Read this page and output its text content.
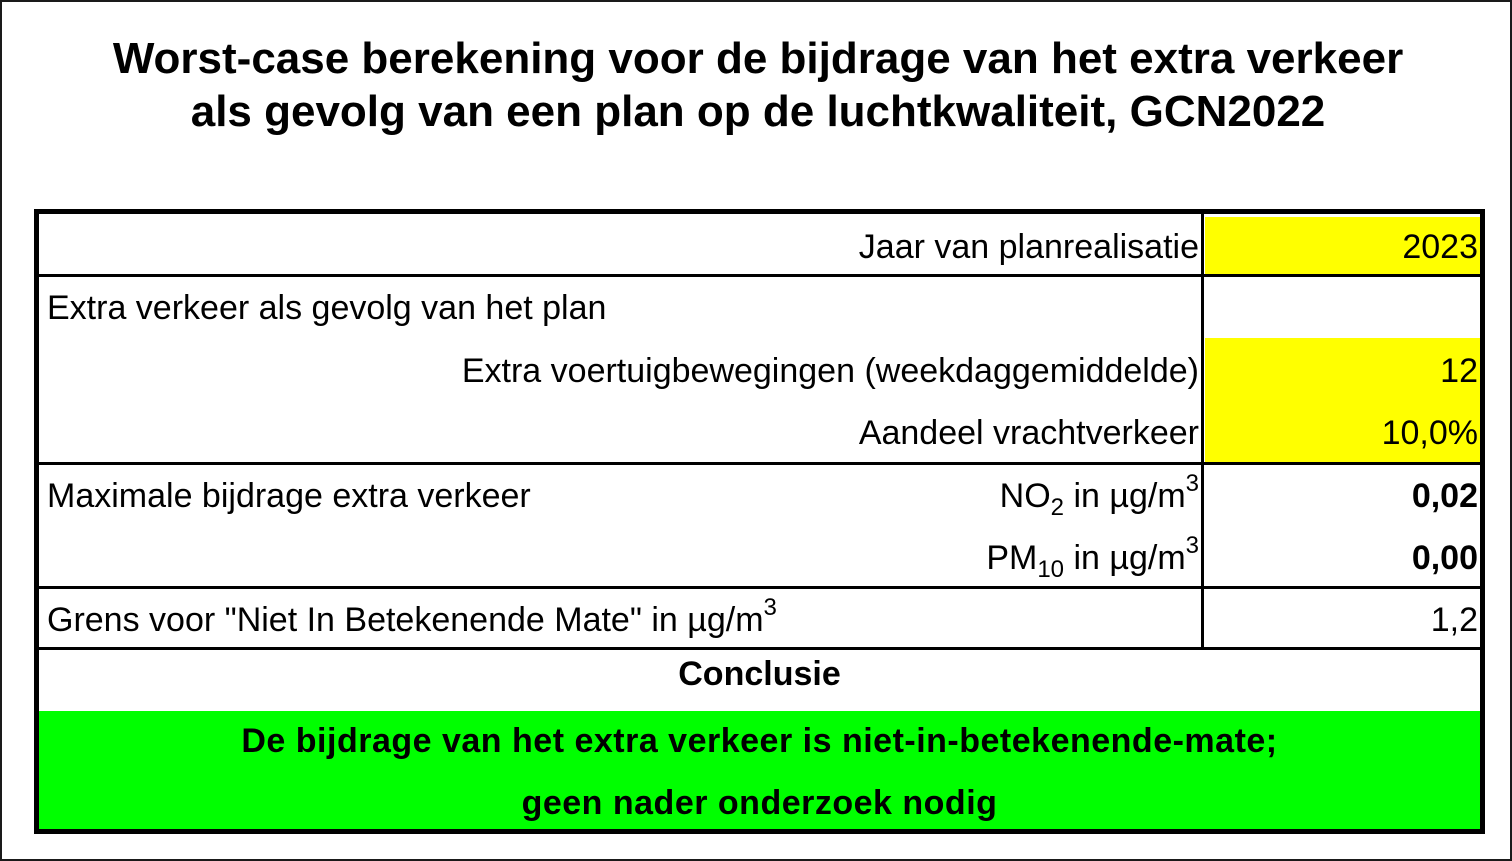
Worst-case berekening voor de bijdrage van het extra verkeer
als gevolg van een plan op de luchtkwaliteit, GCN2022
Jaar van planrealisatie	2023
Extra verkeer als gevolg van het plan
Extra voertuigbewegingen (weekdaggemiddelde)	12
Aandeel vrachtverkeer	10,0%
Maximale bijdrage extra verkeer	$NO_2$ in $\mu g/m^3$	0,02
$PM_{10}$ in $\mu g/m^3$	0,00
Grens voor "Niet In Betekenende Mate" in $\mu g/m^3$	1,2
Conclusie
De bijdrage van het extra verkeer is niet-in-betekenende-mate;
geen nader onderzoek nodig
